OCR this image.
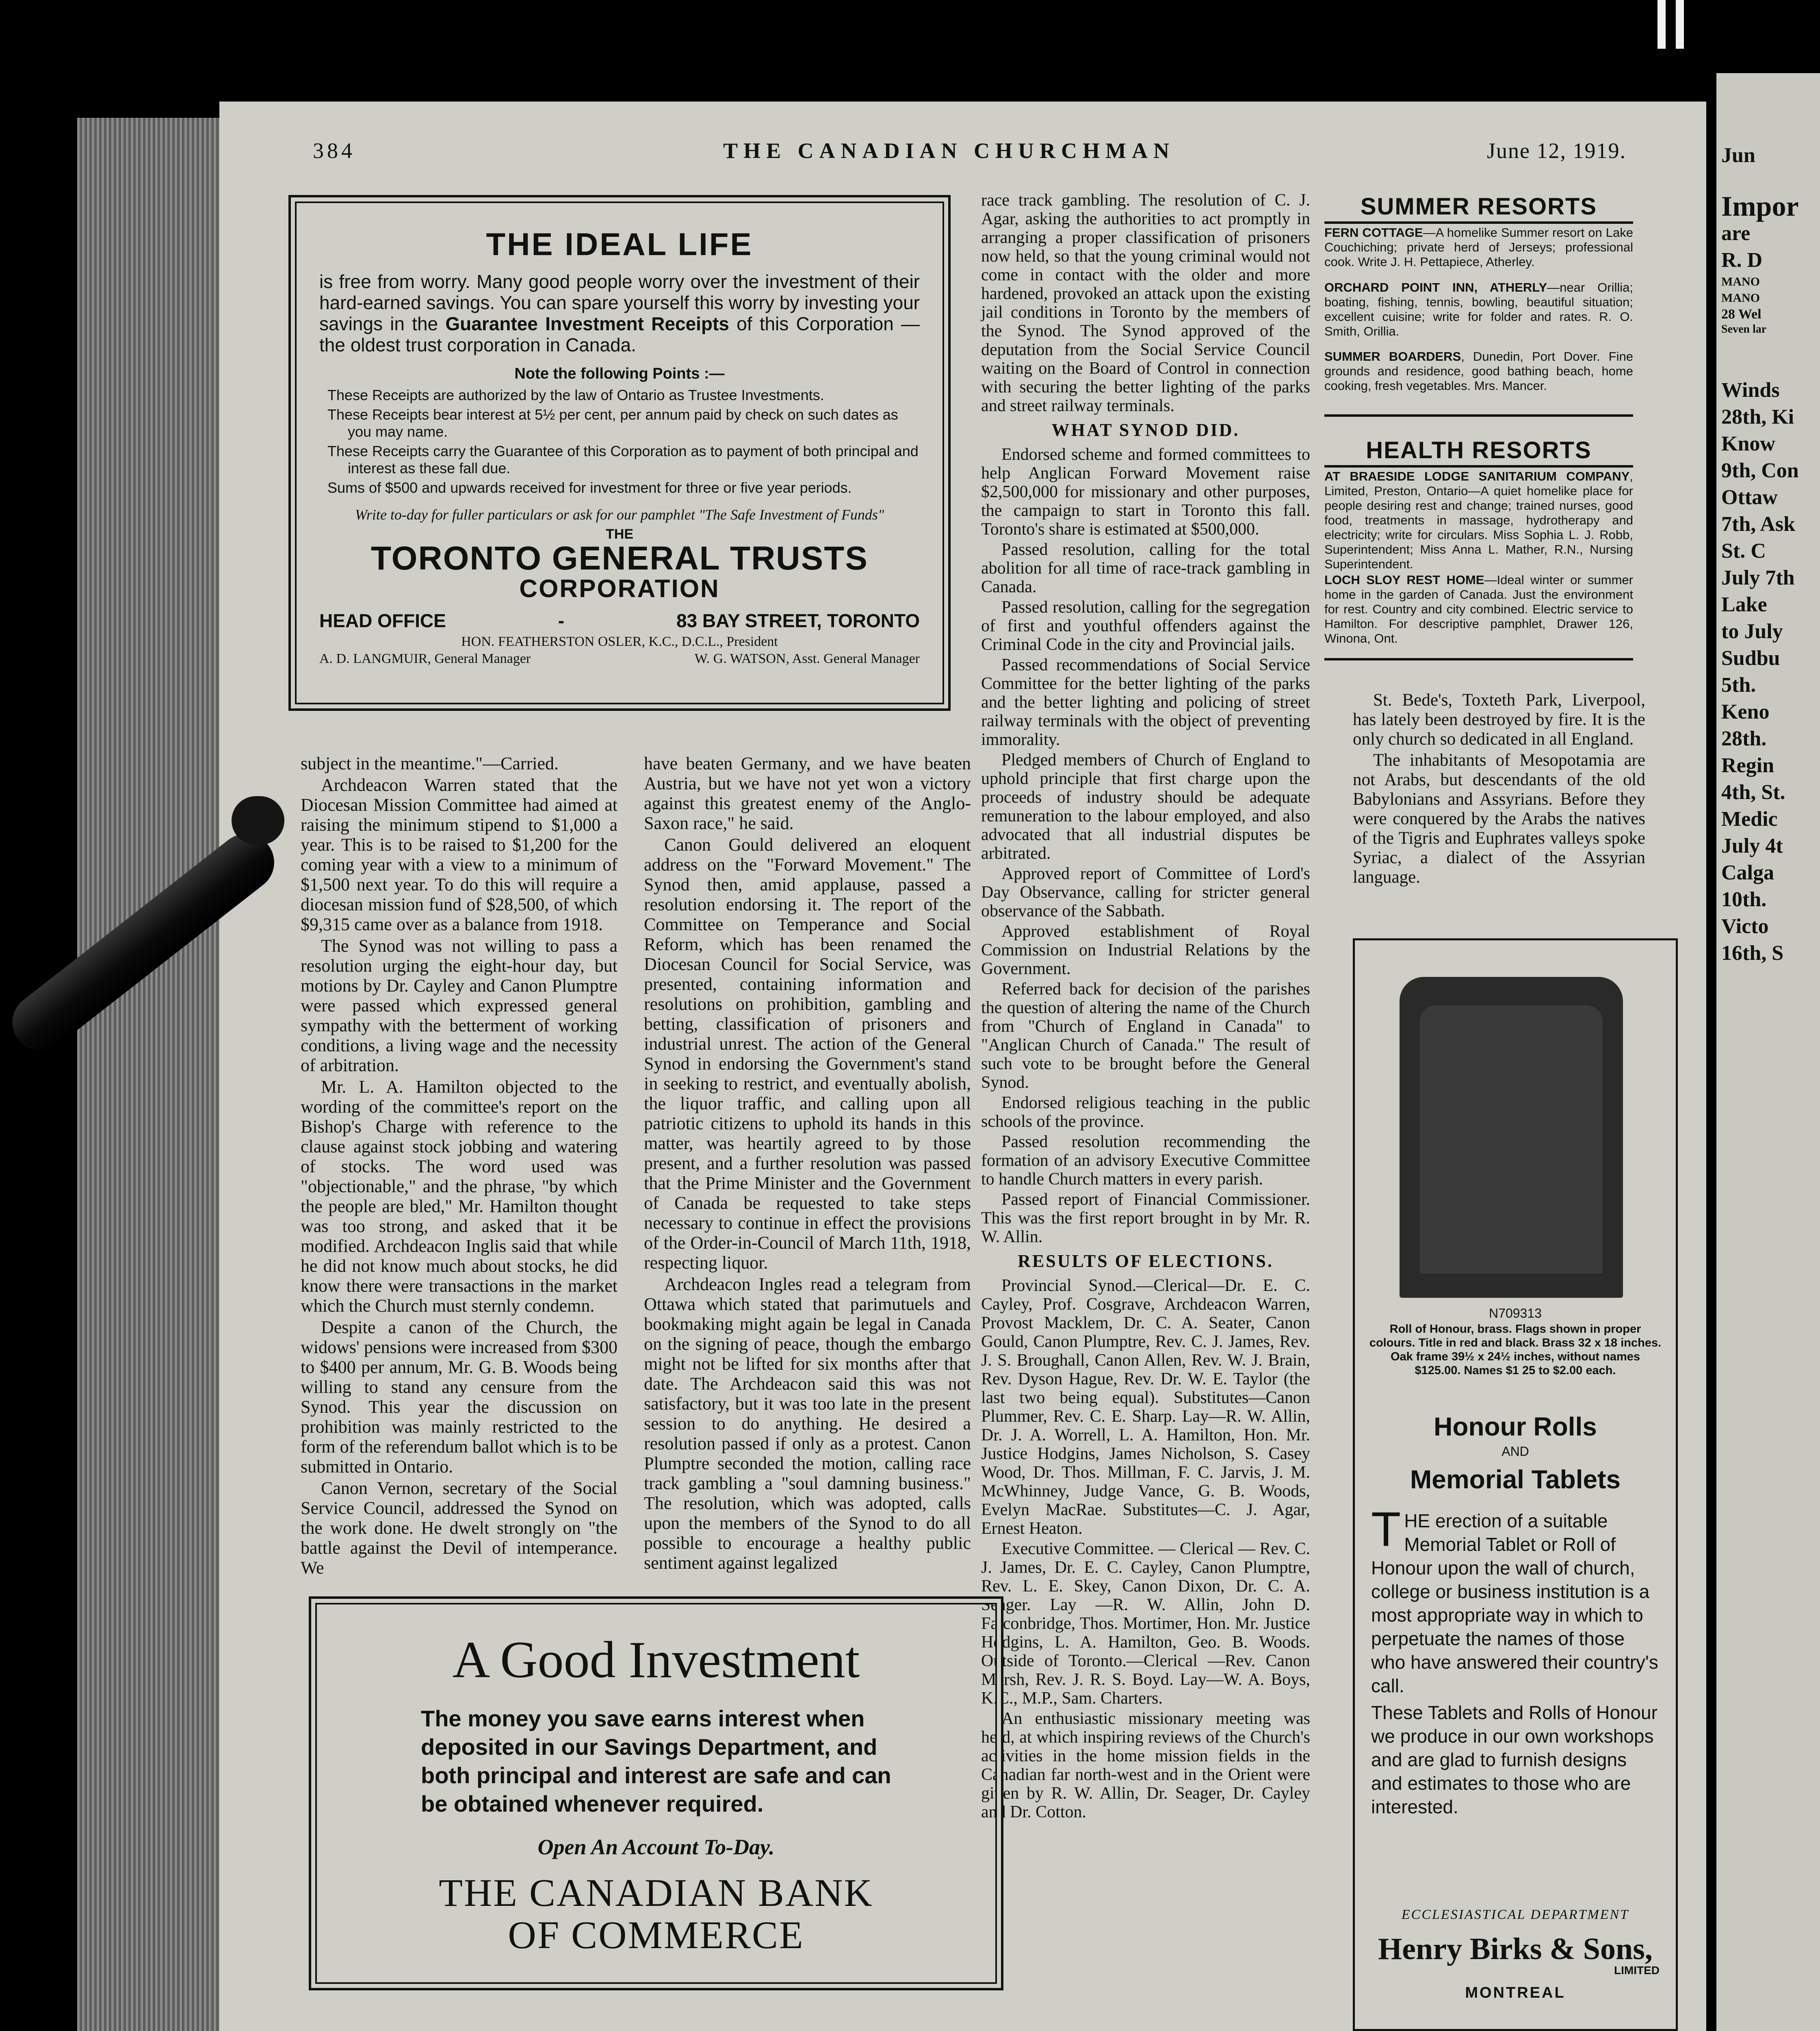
Jun
Impor
are
R. D
MANO
MANO
28 Wel
Seven lar
Winds
28th, Ki
Know
9th, Con
Ottaw
7th, Ask
St. C
July 7th
Lake
to July
Sudbu
5th.
Keno
28th.
Regin
4th, St.
Medic
July 4t
Calga
10th.
Victo
16th, S
384	THE CANADIAN CHURCHMAN	June 12, 1919.
THE IDEAL LIFE
is free from worry. Many good people worry over the investment of their hard-earned savings. You can spare yourself this worry by investing your savings in the Guarantee Investment Receipts of this Corporation — the oldest trust corporation in Canada.
Note the following Points :—
These Receipts are authorized by the law of Ontario as Trustee Investments.
These Receipts bear interest at 5½ per cent, per annum paid by check on such dates as you may name.
These Receipts carry the Guarantee of this Corporation as to payment of both principal and interest as these fall due.
Sums of $500 and upwards received for investment for three or five year periods.
Write to-day for fuller particulars or ask for our pamphlet "The Safe Investment of Funds"
THE
TORONTO GENERAL TRUSTS
CORPORATION
HEAD OFFICE	-	83 BAY STREET, TORONTO
HON. FEATHERSTON OSLER, K.C., D.C.L., President
A. D. LANGMUIR, General Manager	W. G. WATSON, Asst. General Manager

subject in the meantime."—Carried.

Archdeacon Warren stated that the Diocesan Mission Committee had aimed at raising the minimum stipend to $1,000 a year. This is to be raised to $1,200 for the coming year with a view to a minimum of $1,500 next year. To do this will require a diocesan mission fund of $28,500, of which $9,315 came over as a balance from 1918.

The Synod was not willing to pass a resolution urging the eight-hour day, but motions by Dr. Cayley and Canon Plumptre were passed which expressed general sympathy with the betterment of working conditions, a living wage and the necessity of arbitration.

Mr. L. A. Hamilton objected to the wording of the committee's report on the Bishop's Charge with reference to the clause against stock jobbing and watering of stocks. The word used was "objectionable," and the phrase, "by which the people are bled," Mr. Hamilton thought was too strong, and asked that it be modified. Archdeacon Inglis said that while he did not know much about stocks, he did know there were transactions in the market which the Church must sternly condemn.

Despite a canon of the Church, the widows' pensions were increased from $300 to $400 per annum, Mr. G. B. Woods being willing to stand any censure from the Synod. This year the discussion on prohibition was mainly restricted to the form of the referendum ballot which is to be submitted in Ontario.

Canon Vernon, secretary of the Social Service Council, addressed the Synod on the work done. He dwelt strongly on "the battle against the Devil of intemperance. We

have beaten Germany, and we have beaten Austria, but we have not yet won a victory against this greatest enemy of the Anglo-Saxon race," he said.

Canon Gould delivered an eloquent address on the "Forward Movement." The Synod then, amid applause, passed a resolution endorsing it. The report of the Committee on Temperance and Social Reform, which has been renamed the Diocesan Council for Social Service, was presented, containing information and resolutions on prohibition, gambling and betting, classification of prisoners and industrial unrest. The action of the General Synod in endorsing the Government's stand in seeking to restrict, and eventually abolish, the liquor traffic, and calling upon all patriotic citizens to uphold its hands in this matter, was heartily agreed to by those present, and a further resolution was passed that the Prime Minister and the Government of Canada be requested to take steps necessary to continue in effect the provisions of the Order-in-Council of March 11th, 1918, respecting liquor.

Archdeacon Ingles read a telegram from Ottawa which stated that parimutuels and bookmaking might again be legal in Canada on the signing of peace, though the embargo might not be lifted for six months after that date. The Archdeacon said this was not satisfactory, but it was too late in the present session to do anything. He desired a resolution passed if only as a protest. Canon Plumptre seconded the motion, calling race track gambling a "soul damning business." The resolution, which was adopted, calls upon the members of the Synod to do all possible to encourage a healthy public sentiment against legalized

race track gambling. The resolution of C. J. Agar, asking the authorities to act promptly in arranging a proper classification of prisoners now held, so that the young criminal would not come in contact with the older and more hardened, provoked an attack upon the existing jail conditions in Toronto by the members of the Synod. The Synod approved of the deputation from the Social Service Council waiting on the Board of Control in connection with securing the better lighting of the parks and street railway terminals.

WHAT SYNOD DID.

Endorsed scheme and formed committees to help Anglican Forward Movement raise $2,500,000 for missionary and other purposes, the campaign to start in Toronto this fall. Toronto's share is estimated at $500,000.

Passed resolution, calling for the total abolition for all time of race-track gambling in Canada.

Passed resolution, calling for the segregation of first and youthful offenders against the Criminal Code in the city and Provincial jails.

Passed recommendations of Social Service Committee for the better lighting of the parks and the better lighting and policing of street railway terminals with the object of preventing immorality.

Pledged members of Church of England to uphold principle that first charge upon the proceeds of industry should be adequate remuneration to the labour employed, and also advocated that all industrial disputes be arbitrated.

Approved report of Committee of Lord's Day Observance, calling for stricter general observance of the Sabbath.

Approved establishment of Royal Commission on Industrial Relations by the Government.

Referred back for decision of the parishes the question of altering the name of the Church from "Church of England in Canada" to "Anglican Church of Canada." The result of such vote to be brought before the General Synod.

Endorsed religious teaching in the public schools of the province.

Passed resolution recommending the formation of an advisory Executive Committee to handle Church matters in every parish.

Passed report of Financial Commissioner. This was the first report brought in by Mr. R. W. Allin.

RESULTS OF ELECTIONS.

Provincial Synod.—Clerical—Dr. E. C. Cayley, Prof. Cosgrave, Archdeacon Warren, Provost Macklem, Dr. C. A. Seater, Canon Gould, Canon Plumptre, Rev. C. J. James, Rev. J. S. Broughall, Canon Allen, Rev. W. J. Brain, Rev. Dyson Hague, Rev. Dr. W. E. Taylor (the last two being equal). Substitutes—Canon Plummer, Rev. C. E. Sharp. Lay—R. W. Allin, Dr. J. A. Worrell, L. A. Hamilton, Hon. Mr. Justice Hodgins, James Nicholson, S. Casey Wood, Dr. Thos. Millman, F. C. Jarvis, J. M. McWhinney, Judge Vance, G. B. Woods, Evelyn MacRae. Substitutes—C. J. Agar, Ernest Heaton.

Executive Committee. — Clerical — Rev. C. J. James, Dr. E. C. Cayley, Canon Plumptre, Rev. L. E. Skey, Canon Dixon, Dr. C. A. Seager. Lay —R. W. Allin, John D. Falconbridge, Thos. Mortimer, Hon. Mr. Justice Hodgins, L. A. Hamilton, Geo. B. Woods. Outside of Toronto.—Clerical —Rev. Canon Marsh, Rev. J. R. S. Boyd. Lay—W. A. Boys, K.C., M.P., Sam. Charters.

An enthusiastic missionary meeting was held, at which inspiring reviews of the Church's activities in the home mission fields in the Canadian far north-west and in the Orient were given by R. W. Allin, Dr. Seager, Dr. Cayley and Dr. Cotton.

A Good Investment
The money you save earns interest when deposited in our Savings Department, and both principal and interest are safe and can be obtained whenever required.
Open An Account To-Day.
THE CANADIAN BANK
OF COMMERCE
SUMMER RESORTS
FERN COTTAGE—A homelike Summer resort on Lake Couchiching; private herd of Jerseys; professional cook. Write J. H. Pettapiece, Atherley.
ORCHARD POINT INN, ATHERLY—near Orillia; boating, fishing, tennis, bowling, beautiful situation; excellent cuisine; write for folder and rates. R. O. Smith, Orillia.
SUMMER BOARDERS, Dunedin, Port Dover. Fine grounds and residence, good bathing beach, home cooking, fresh vegetables. Mrs. Mancer.
HEALTH RESORTS
AT BRAESIDE LODGE SANITARIUM COMPANY, Limited, Preston, Ontario—A quiet homelike place for people desiring rest and change; trained nurses, good food, treatments in massage, hydrotherapy and electricity; write for circulars. Miss Sophia L. J. Robb, Superintendent; Miss Anna L. Mather, R.N., Nursing Superintendent.
LOCH SLOY REST HOME—Ideal winter or summer home in the garden of Canada. Just the environment for rest. Country and city combined. Electric service to Hamilton. For descriptive pamphlet, Drawer 126, Winona, Ont.

St. Bede's, Toxteth Park, Liverpool, has lately been destroyed by fire. It is the only church so dedicated in all England.

The inhabitants of Mesopotamia are not Arabs, but descendants of the old Babylonians and Assyrians. Before they were conquered by the Arabs the natives of the Tigris and Euphrates valleys spoke Syriac, a dialect of the Assyrian language.

N709313
Roll of Honour, brass. Flags shown in proper colours. Title in red and black. Brass 32 x 18 inches. Oak frame 39½ x 24½ inches, without names $125.00. Names $1 25 to $2.00 each.
Honour Rolls
AND
Memorial Tablets

THE erection of a suitable Memorial Tablet or Roll of Honour upon the wall of church, college or business institution is a most appropriate way in which to perpetuate the names of those who have answered their country's call.

These Tablets and Rolls of Honour we produce in our own workshops and are glad to furnish designs and estimates to those who are interested.

ECCLESIASTICAL DEPARTMENT
Henry Birks & Sons,
LIMITED
MONTREAL
